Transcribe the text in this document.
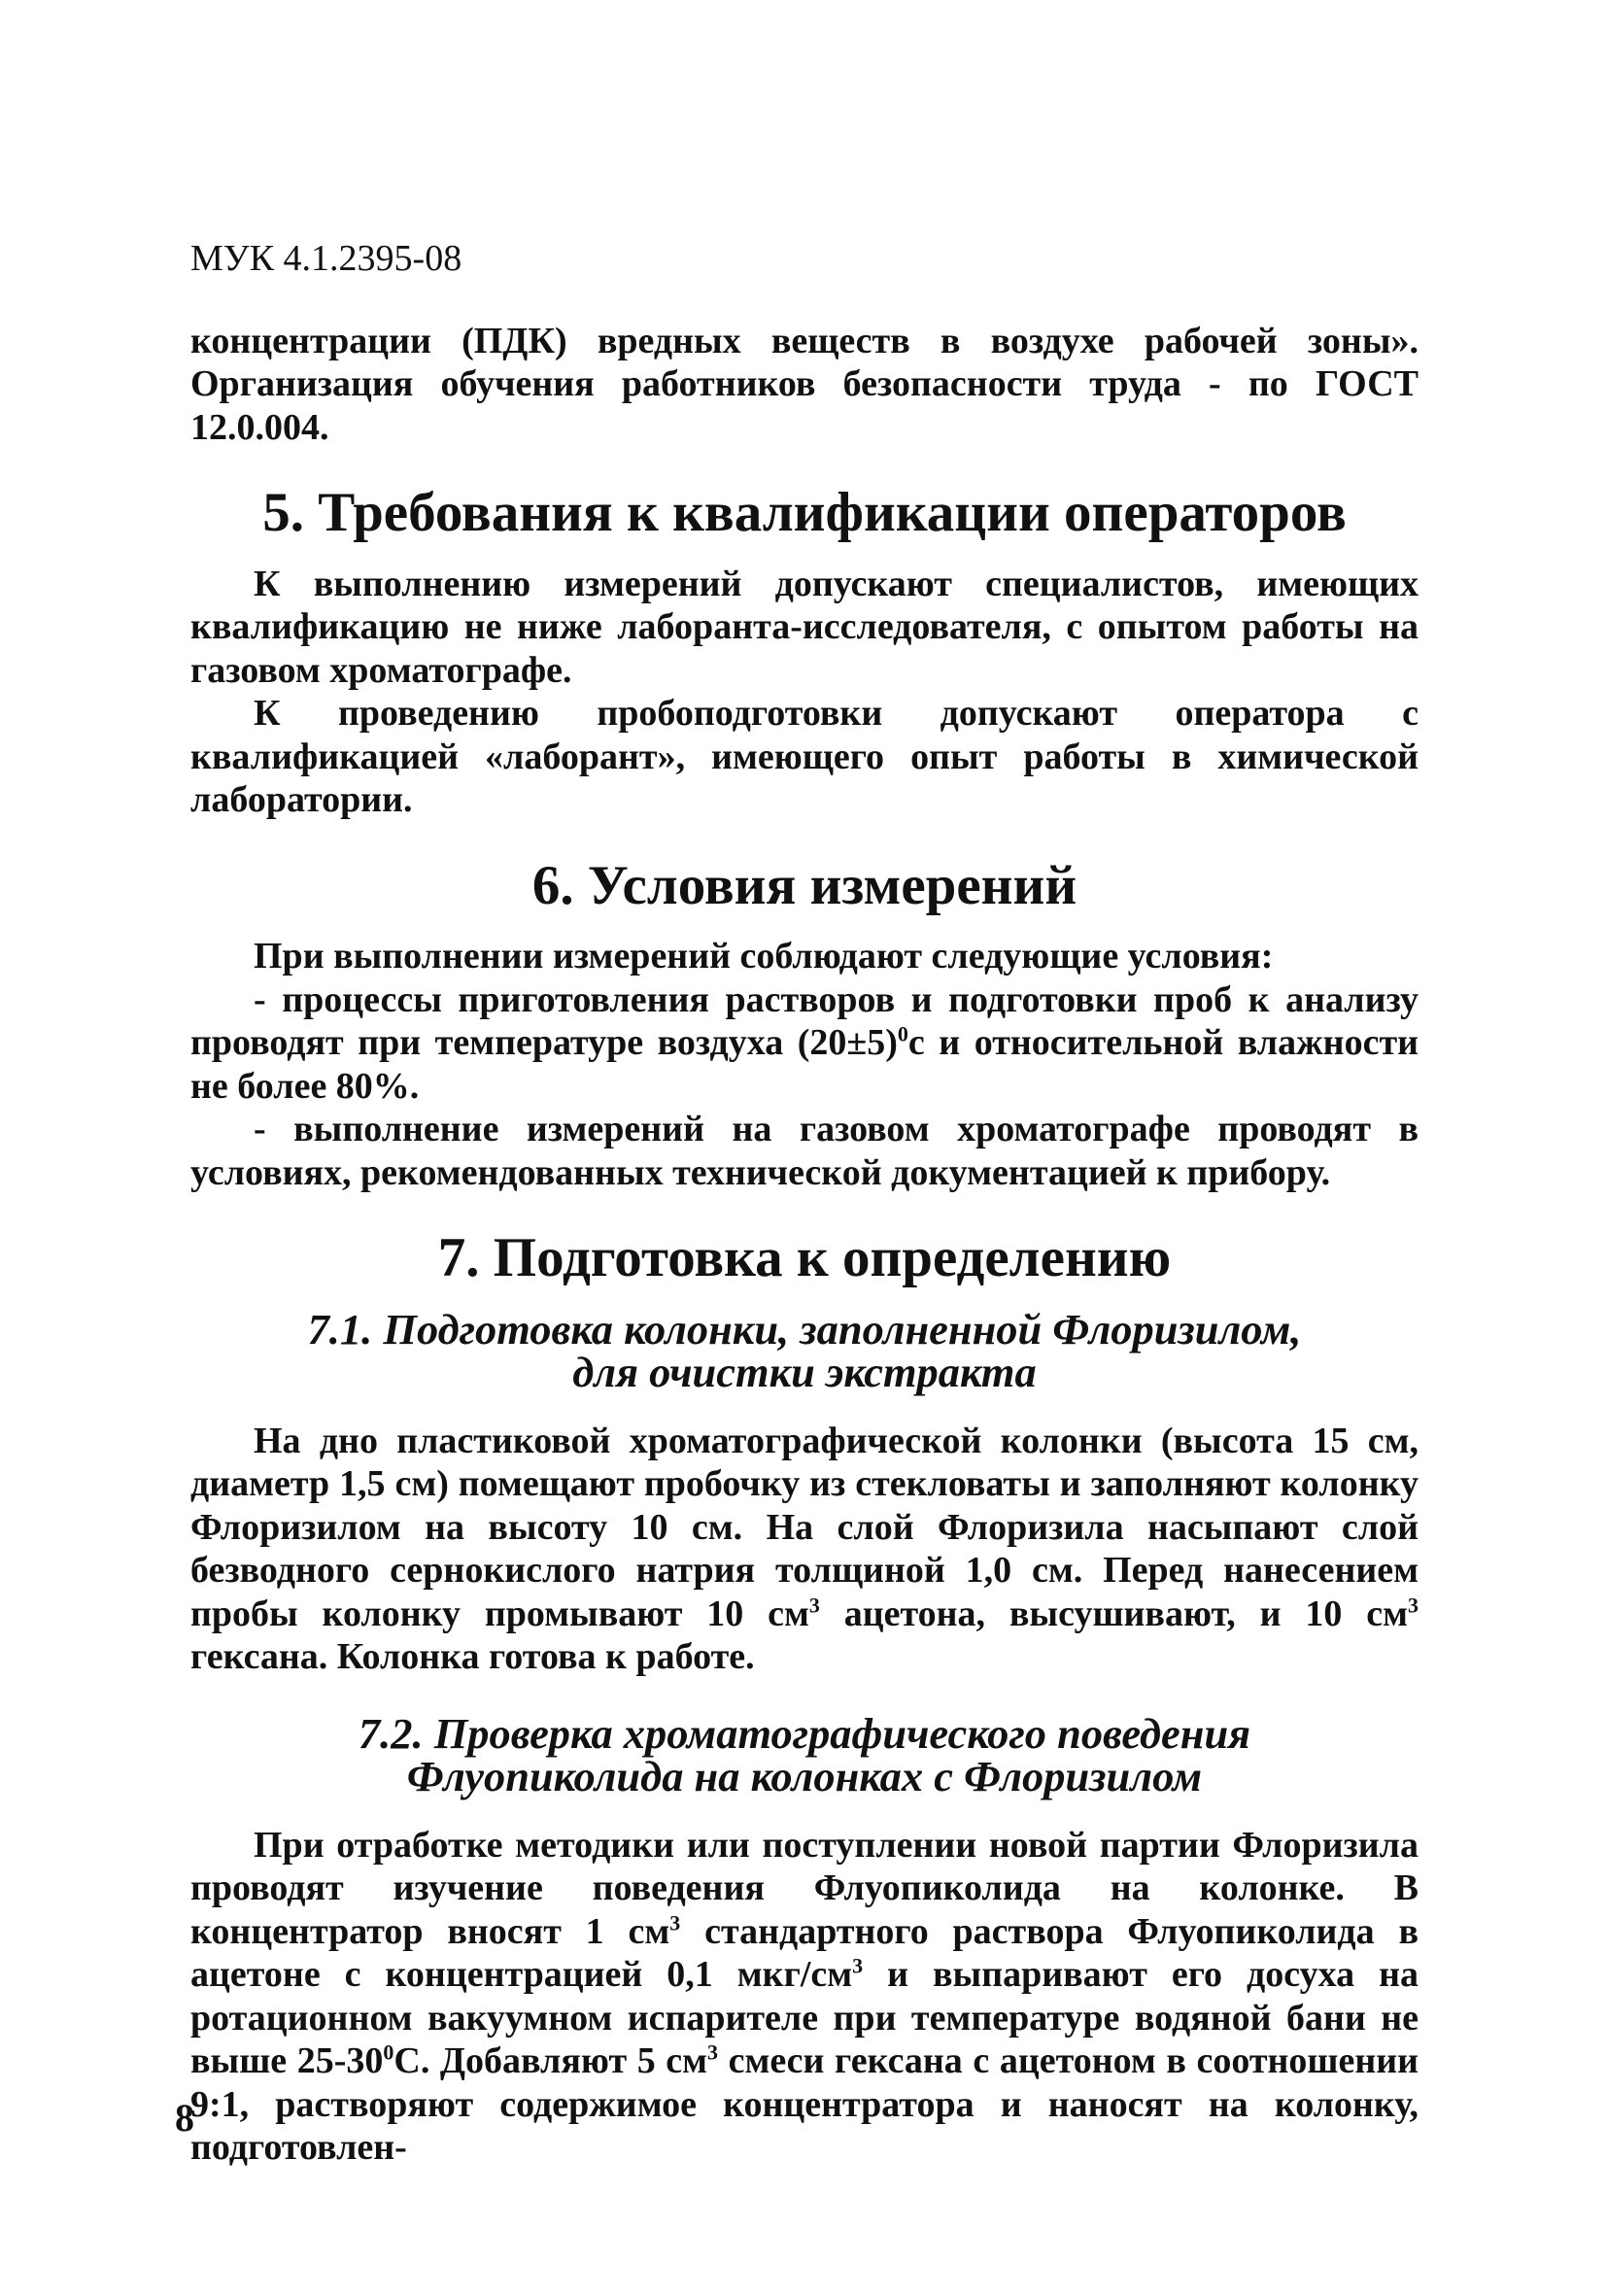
МУК 4.1.2395-08

концентрации (ПДК) вредных веществ в воздухе рабочей зоны». Организация обучения работников безопасности труда - по ГОСТ 12.0.004.

5. Требования к квалификации операторов

К выполнению измерений допускают специалистов, имеющих квалификацию не ниже лаборанта-исследователя, с опытом работы на газовом хроматографе.

К проведению пробоподготовки допускают оператора с квалификацией «лаборант», имеющего опыт работы в химической лаборатории.

6. Условия измерений

При выполнении измерений соблюдают следующие условия:

- процессы приготовления растворов и подготовки проб к анализу проводят при температуре воздуха $(20\pm 5)^0с$ и относительной влажности не более 80%.

- выполнение измерений на газовом хроматографе проводят в условиях, рекомендованных технической документацией к прибору.

7. Подготовка к определению
7.1. Подготовка колонки, заполненной Флоризилом,
для очистки экстракта

На дно пластиковой хроматографической колонки (высота 15 см, диаметр 1,5 см) помещают пробочку из стекловаты и заполняют колонку Флоризилом на высоту 10 см. На слой Флоризила насыпают слой безводного сернокислого натрия толщиной 1,0 см. Перед нанесением пробы колонку промывают 10 $см^3$ ацетона, высушивают, и 10 $см^3$ гексана. Колонка готова к работе.

7.2. Проверка хроматографического поведения
Флуопиколида на колонках с Флоризилом

При отработке методики или поступлении новой партии Флоризила проводят изучение поведения Флуопиколида на колонке. В концентратор вносят 1 $см^3$ стандартного раствора Флуопиколида в ацетоне с концентрацией 0,1 мкг/$см^3$ и выпаривают его досуха на ротационном вакуумном испарителе при температуре водяной бани не выше $25-30^0С$. Добавляют 5 $см^3$ смеси гексана с ацетоном в соотношении 9:1, растворяют содержимое концентратора и наносят на колонку, подготовлен-

8
